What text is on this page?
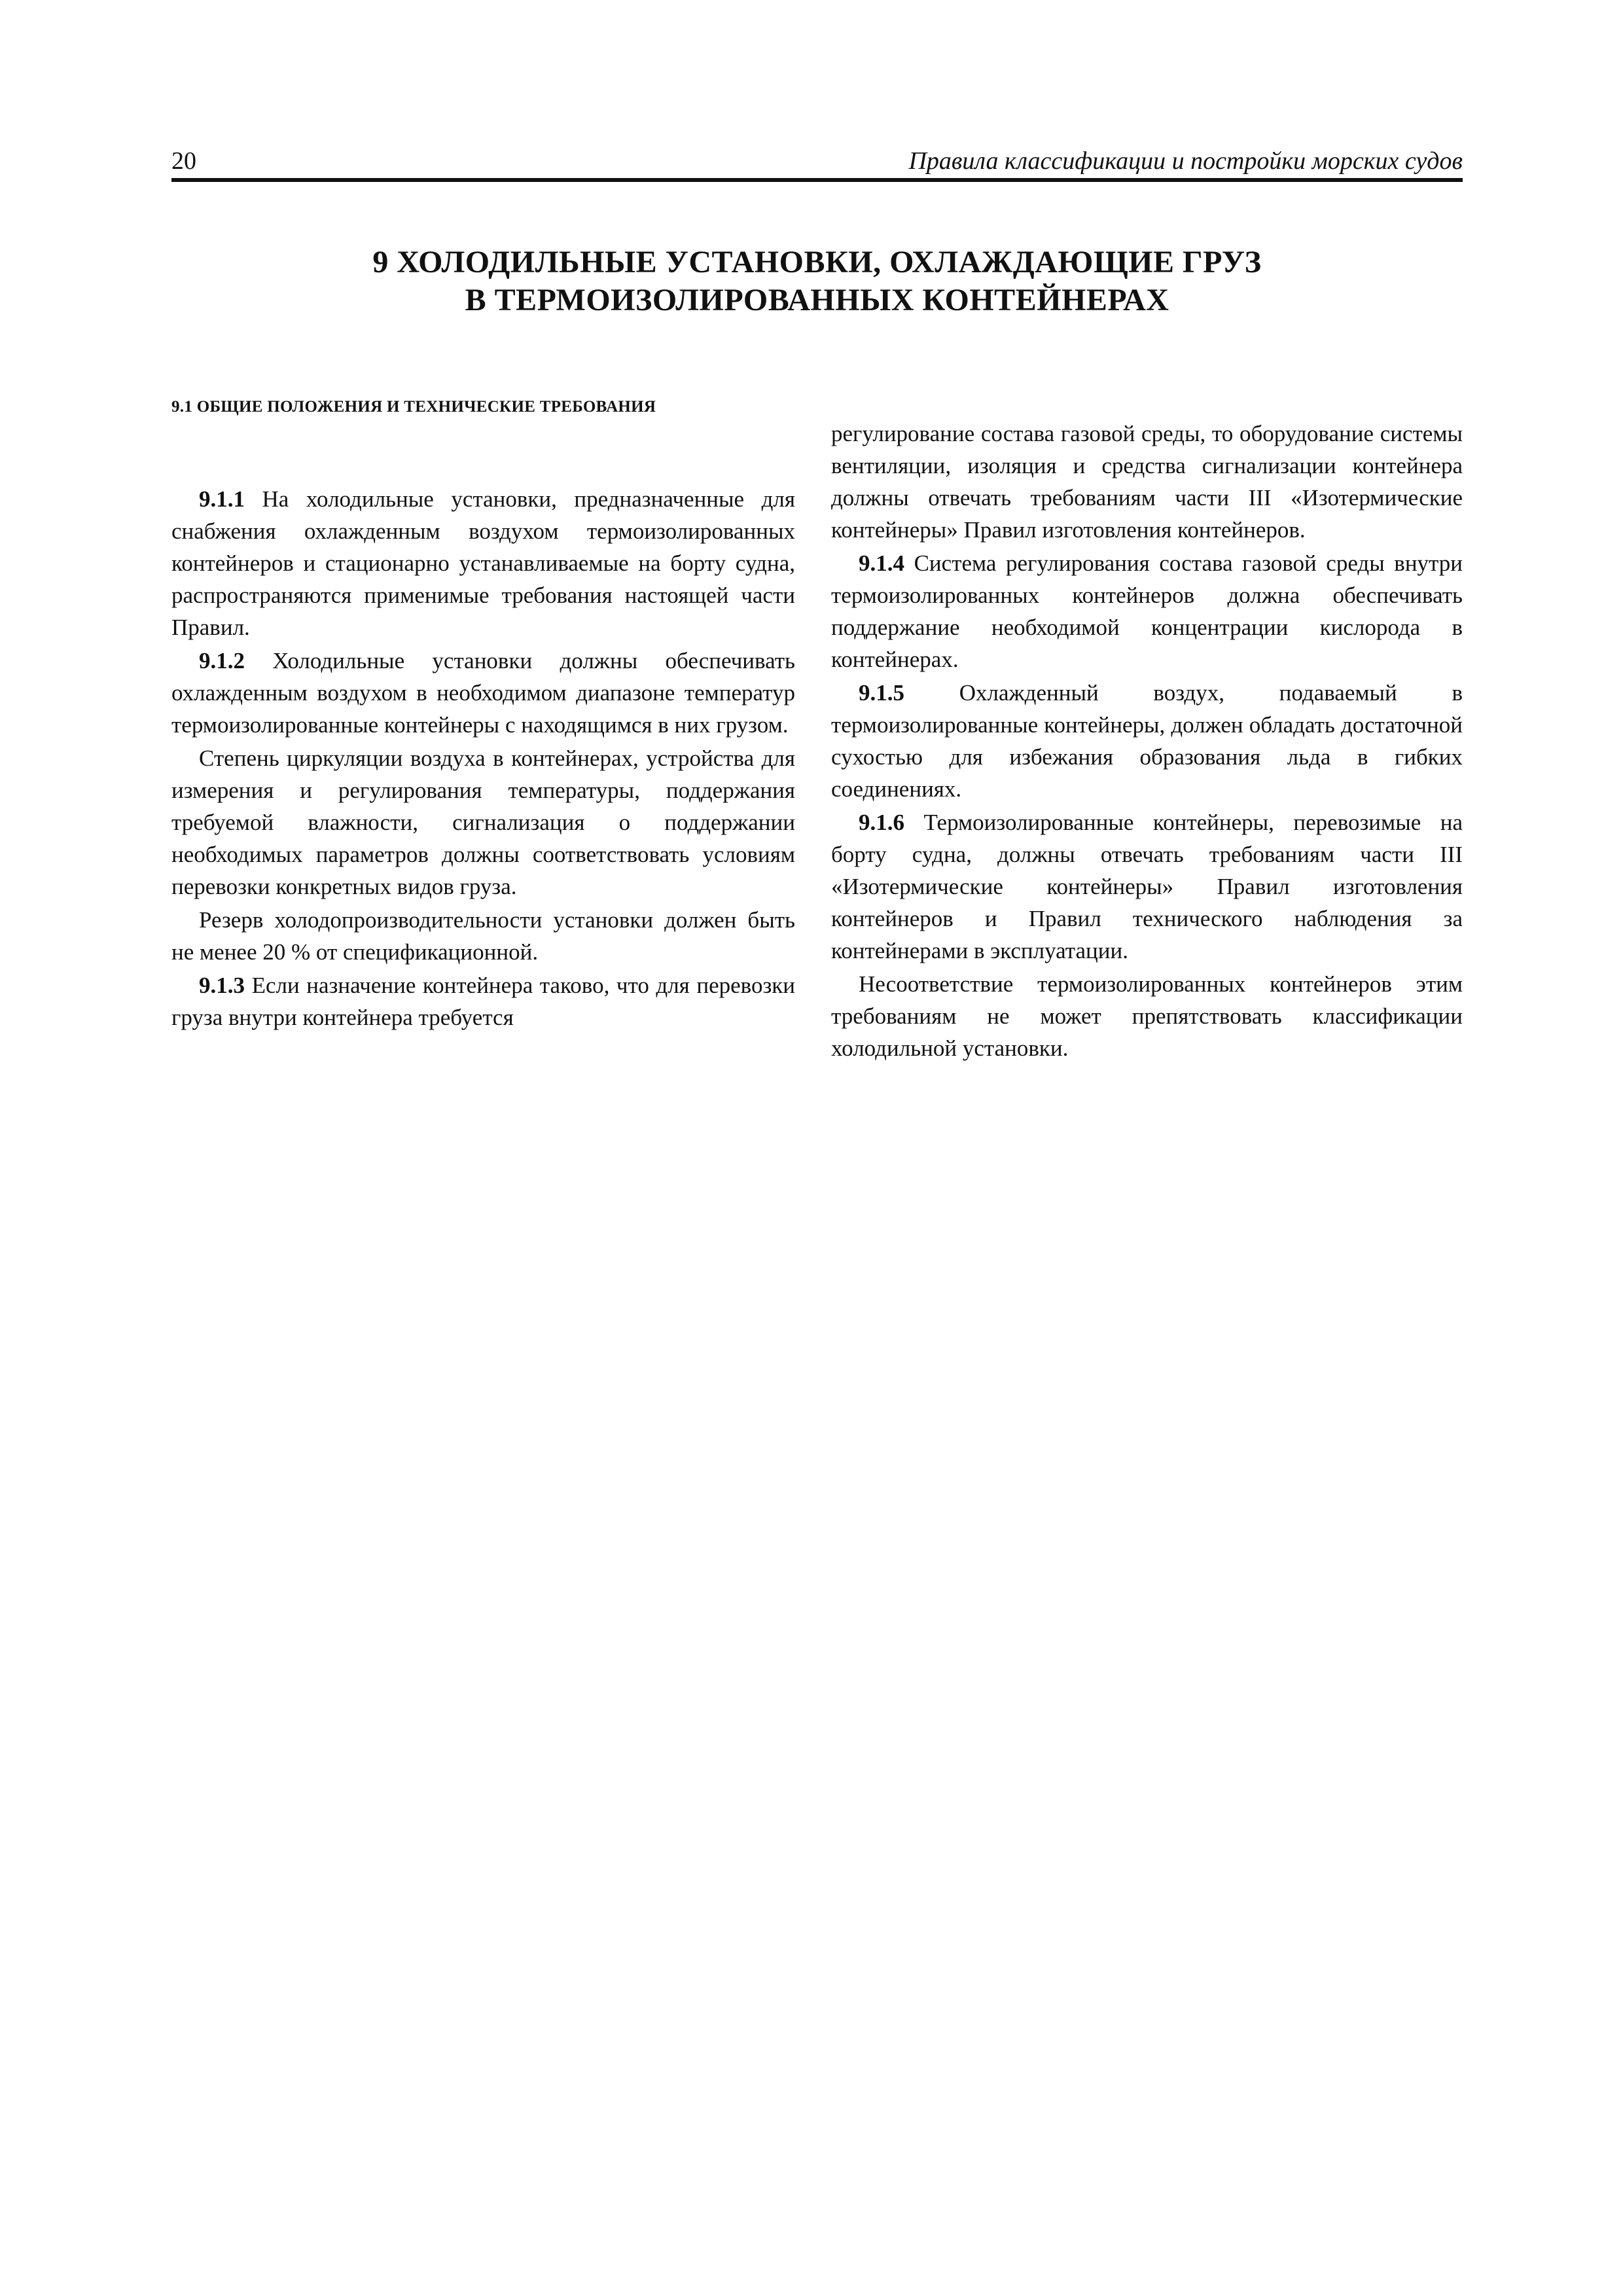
20	Правила классификации и постройки морских судов
9 ХОЛОДИЛЬНЫЕ УСТАНОВКИ, ОХЛАЖДАЮЩИЕ ГРУЗ
В ТЕРМОИЗОЛИРОВАННЫХ КОНТЕЙНЕРАХ
9.1 ОБЩИЕ ПОЛОЖЕНИЯ И ТЕХНИЧЕСКИЕ ТРЕБОВАНИЯ

9.1.1 На холодильные установки, предназначенные для снабжения охлажденным воздухом термоизолированных контейнеров и стационарно устанавливаемые на борту судна, распространяются применимые требования настоящей части Правил.

9.1.2 Холодильные установки должны обеспечивать охлажденным воздухом в необходимом диапазоне температур термоизолированные контейнеры с находящимся в них грузом.

Степень циркуляции воздуха в контейнерах, устройства для измерения и регулирования температуры, поддержания требуемой влажности, сигнализация о поддержании необходимых параметров должны соответствовать условиям перевозки конкретных видов груза.

Резерв холодопроизводительности установки должен быть не менее 20 % от спецификационной.

9.1.3 Если назначение контейнера таково, что для перевозки груза внутри контейнера требуется

регулирование состава газовой среды, то оборудование системы вентиляции, изоляция и средства сигнализации контейнера должны отвечать требованиям части III «Изотермические контейнеры» Правил изготовления контейнеров.

9.1.4 Система регулирования состава газовой среды внутри термоизолированных контейнеров должна обеспечивать поддержание необходимой концентрации кислорода в контейнерах.

9.1.5 Охлажденный воздух, подаваемый в термоизолированные контейнеры, должен обладать достаточной сухостью для избежания образования льда в гибких соединениях.

9.1.6 Термоизолированные контейнеры, перевозимые на борту судна, должны отвечать требованиям части III «Изотермические контейнеры» Правил изготовления контейнеров и Правил технического наблюдения за контейнерами в эксплуатации.

Несоответствие термоизолированных контейнеров этим требованиям не может препятствовать классификации холодильной установки.
